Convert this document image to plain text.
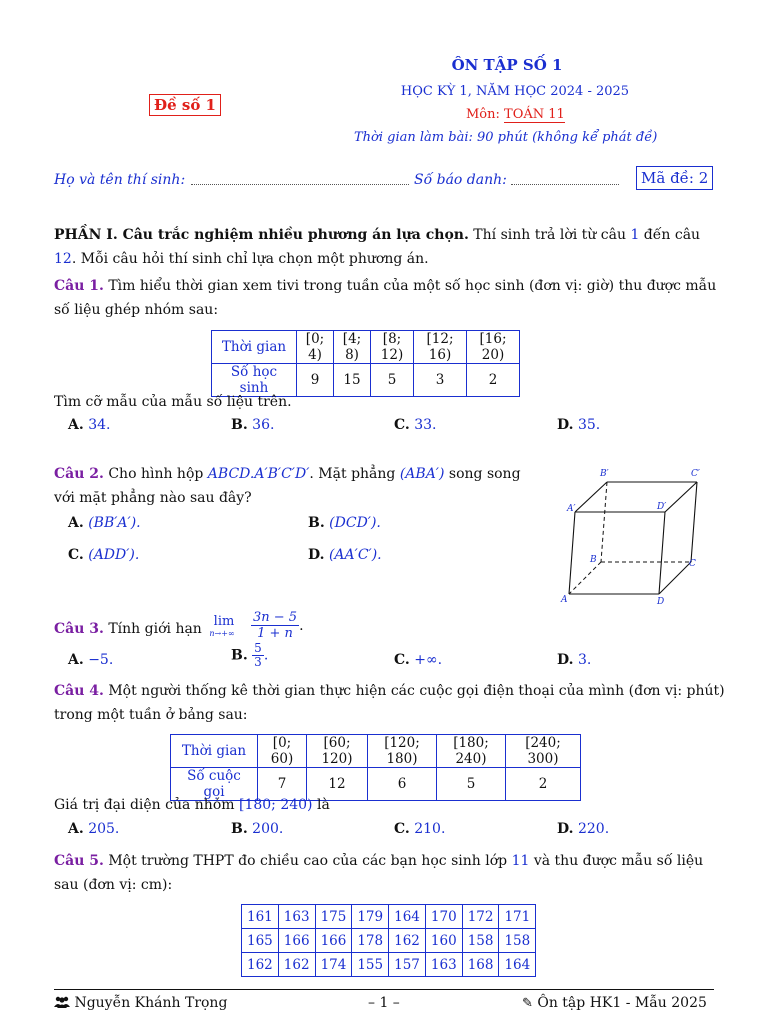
ÔN TẬP SỐ 1
HỌC KỲ 1, NĂM HỌC 2024 - 2025
Môn: TOÁN 11
Thời gian làm bài: 90 phút (không kể phát đề)
Đề số 1
Họ và tên thí sinh:	Số báo danh:	Mã đề: 2
PHẦN I. Câu trắc nghiệm nhiều phương án lựa chọn. Thí sinh trả lời từ câu 1 đến câu
12. Mỗi câu hỏi thí sinh chỉ lựa chọn một phương án.
Câu 1. Tìm hiểu thời gian xem tivi trong tuần của một số học sinh (đơn vị: giờ) thu được mẫu
số liệu ghép nhóm sau:
Thời gian	[0; 4)	[4; 8)	[8; 12)	[12; 16)	[16; 20)
Số học sinh	9	15	5	3	2
Tìm cỡ mẫu của mẫu số liệu trên.
A. 34.	B. 36.	C. 33.	D. 35.
Câu 2. Cho hình hộp ABCD.A′B′C′D′. Mặt phẳng (ABA′) song song
với mặt phẳng nào sau đây?
A. (BB′A′).	B. (DCD′).
C. (ADD′).	D. (AA′C′).
B′	C′
A′	D′
B	C
A	D
Câu 3. Tính giới hạn lim
$n\to+\infty \frac{3n - 5}{1 + n}$ .
A. −5.	B. $\frac{5}{3}$ .	C. +∞.	D. 3.
Câu 4. Một người thống kê thời gian thực hiện các cuộc gọi điện thoại của mình (đơn vị: phút)
trong một tuần ở bảng sau:
Thời gian	[0; 60)	[60; 120)	[120; 180)	[180; 240)	[240; 300)
Số cuộc gọi	7	12	6	5	2
Giá trị đại diện của nhóm [180; 240) là
A. 205.	B. 200.	C. 210.	D. 220.
Câu 5. Một trường THPT đo chiều cao của các bạn học sinh lớp 11 và thu được mẫu số liệu
sau (đơn vị: cm):
161	163	175	179	164	170	172	171
165	166	166	178	162	160	158	158
162	162	174	155	157	163	168	164
Nguyễn Khánh Trọng	– 1 –	✎ Ôn tập HK1 - Mẫu 2025
